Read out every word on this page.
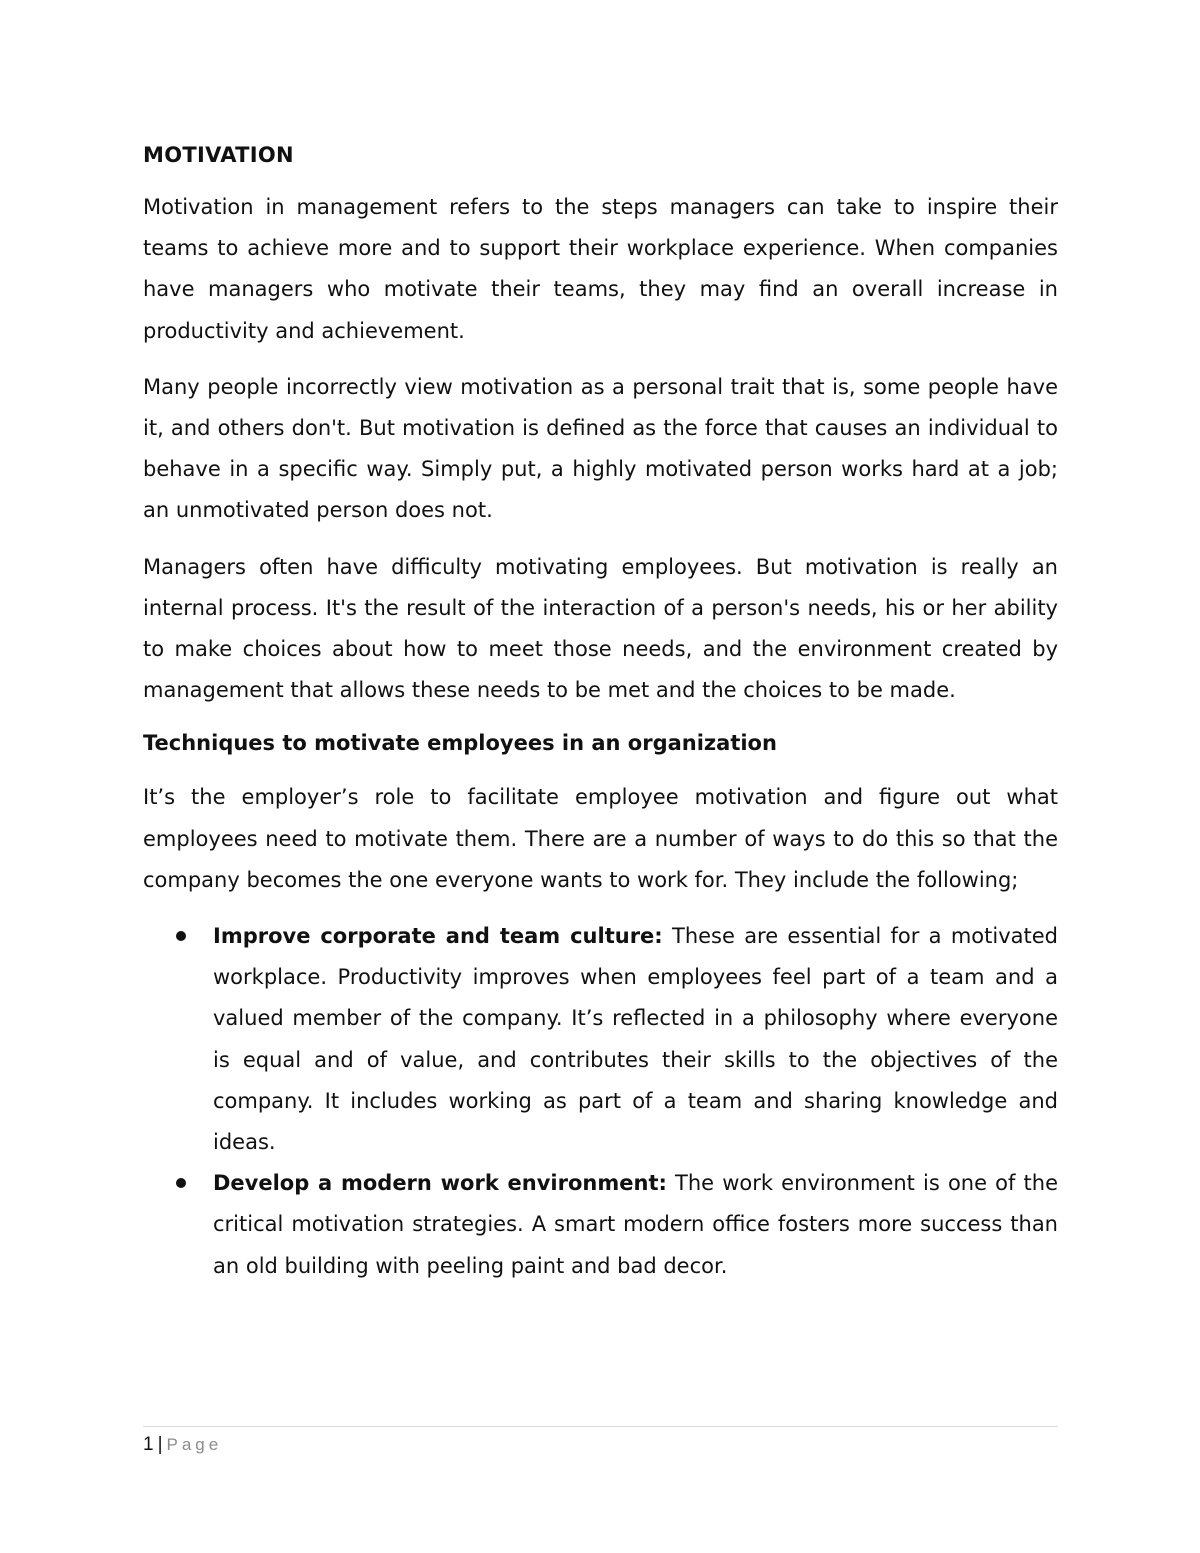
MOTIVATION

Motivation in management refers to the steps managers can take to inspire their teams to achieve more and to support their workplace experience. When companies have managers who motivate their teams, they may find an overall increase in productivity and achievement.

Many people incorrectly view motivation as a personal trait that is, some people have it, and others don't. But motivation is defined as the force that causes an individual to behave in a specific way. Simply put, a highly motivated person works hard at a job; an unmotivated person does not.

Managers often have difficulty motivating employees. But motivation is really an internal process. It's the result of the interaction of a person's needs, his or her ability to make choices about how to meet those needs, and the environment created by management that allows these needs to be met and the choices to be made.

Techniques to motivate employees in an organization

It’s the employer’s role to facilitate employee motivation and figure out what employees need to motivate them. There are a number of ways to do this so that the company becomes the one everyone wants to work for. They include the following;

Improve corporate and team culture: These are essential for a motivated workplace. Productivity improves when employees feel part of a team and a valued member of the company. It’s reflected in a philosophy where everyone is equal and of value, and contributes their skills to the objectives of the company. It includes working as part of a team and sharing knowledge and ideas.
Develop a modern work environment: The work environment is one of the critical motivation strategies. A smart modern office fosters more success than an old building with peeling paint and bad decor.
1 | Page
